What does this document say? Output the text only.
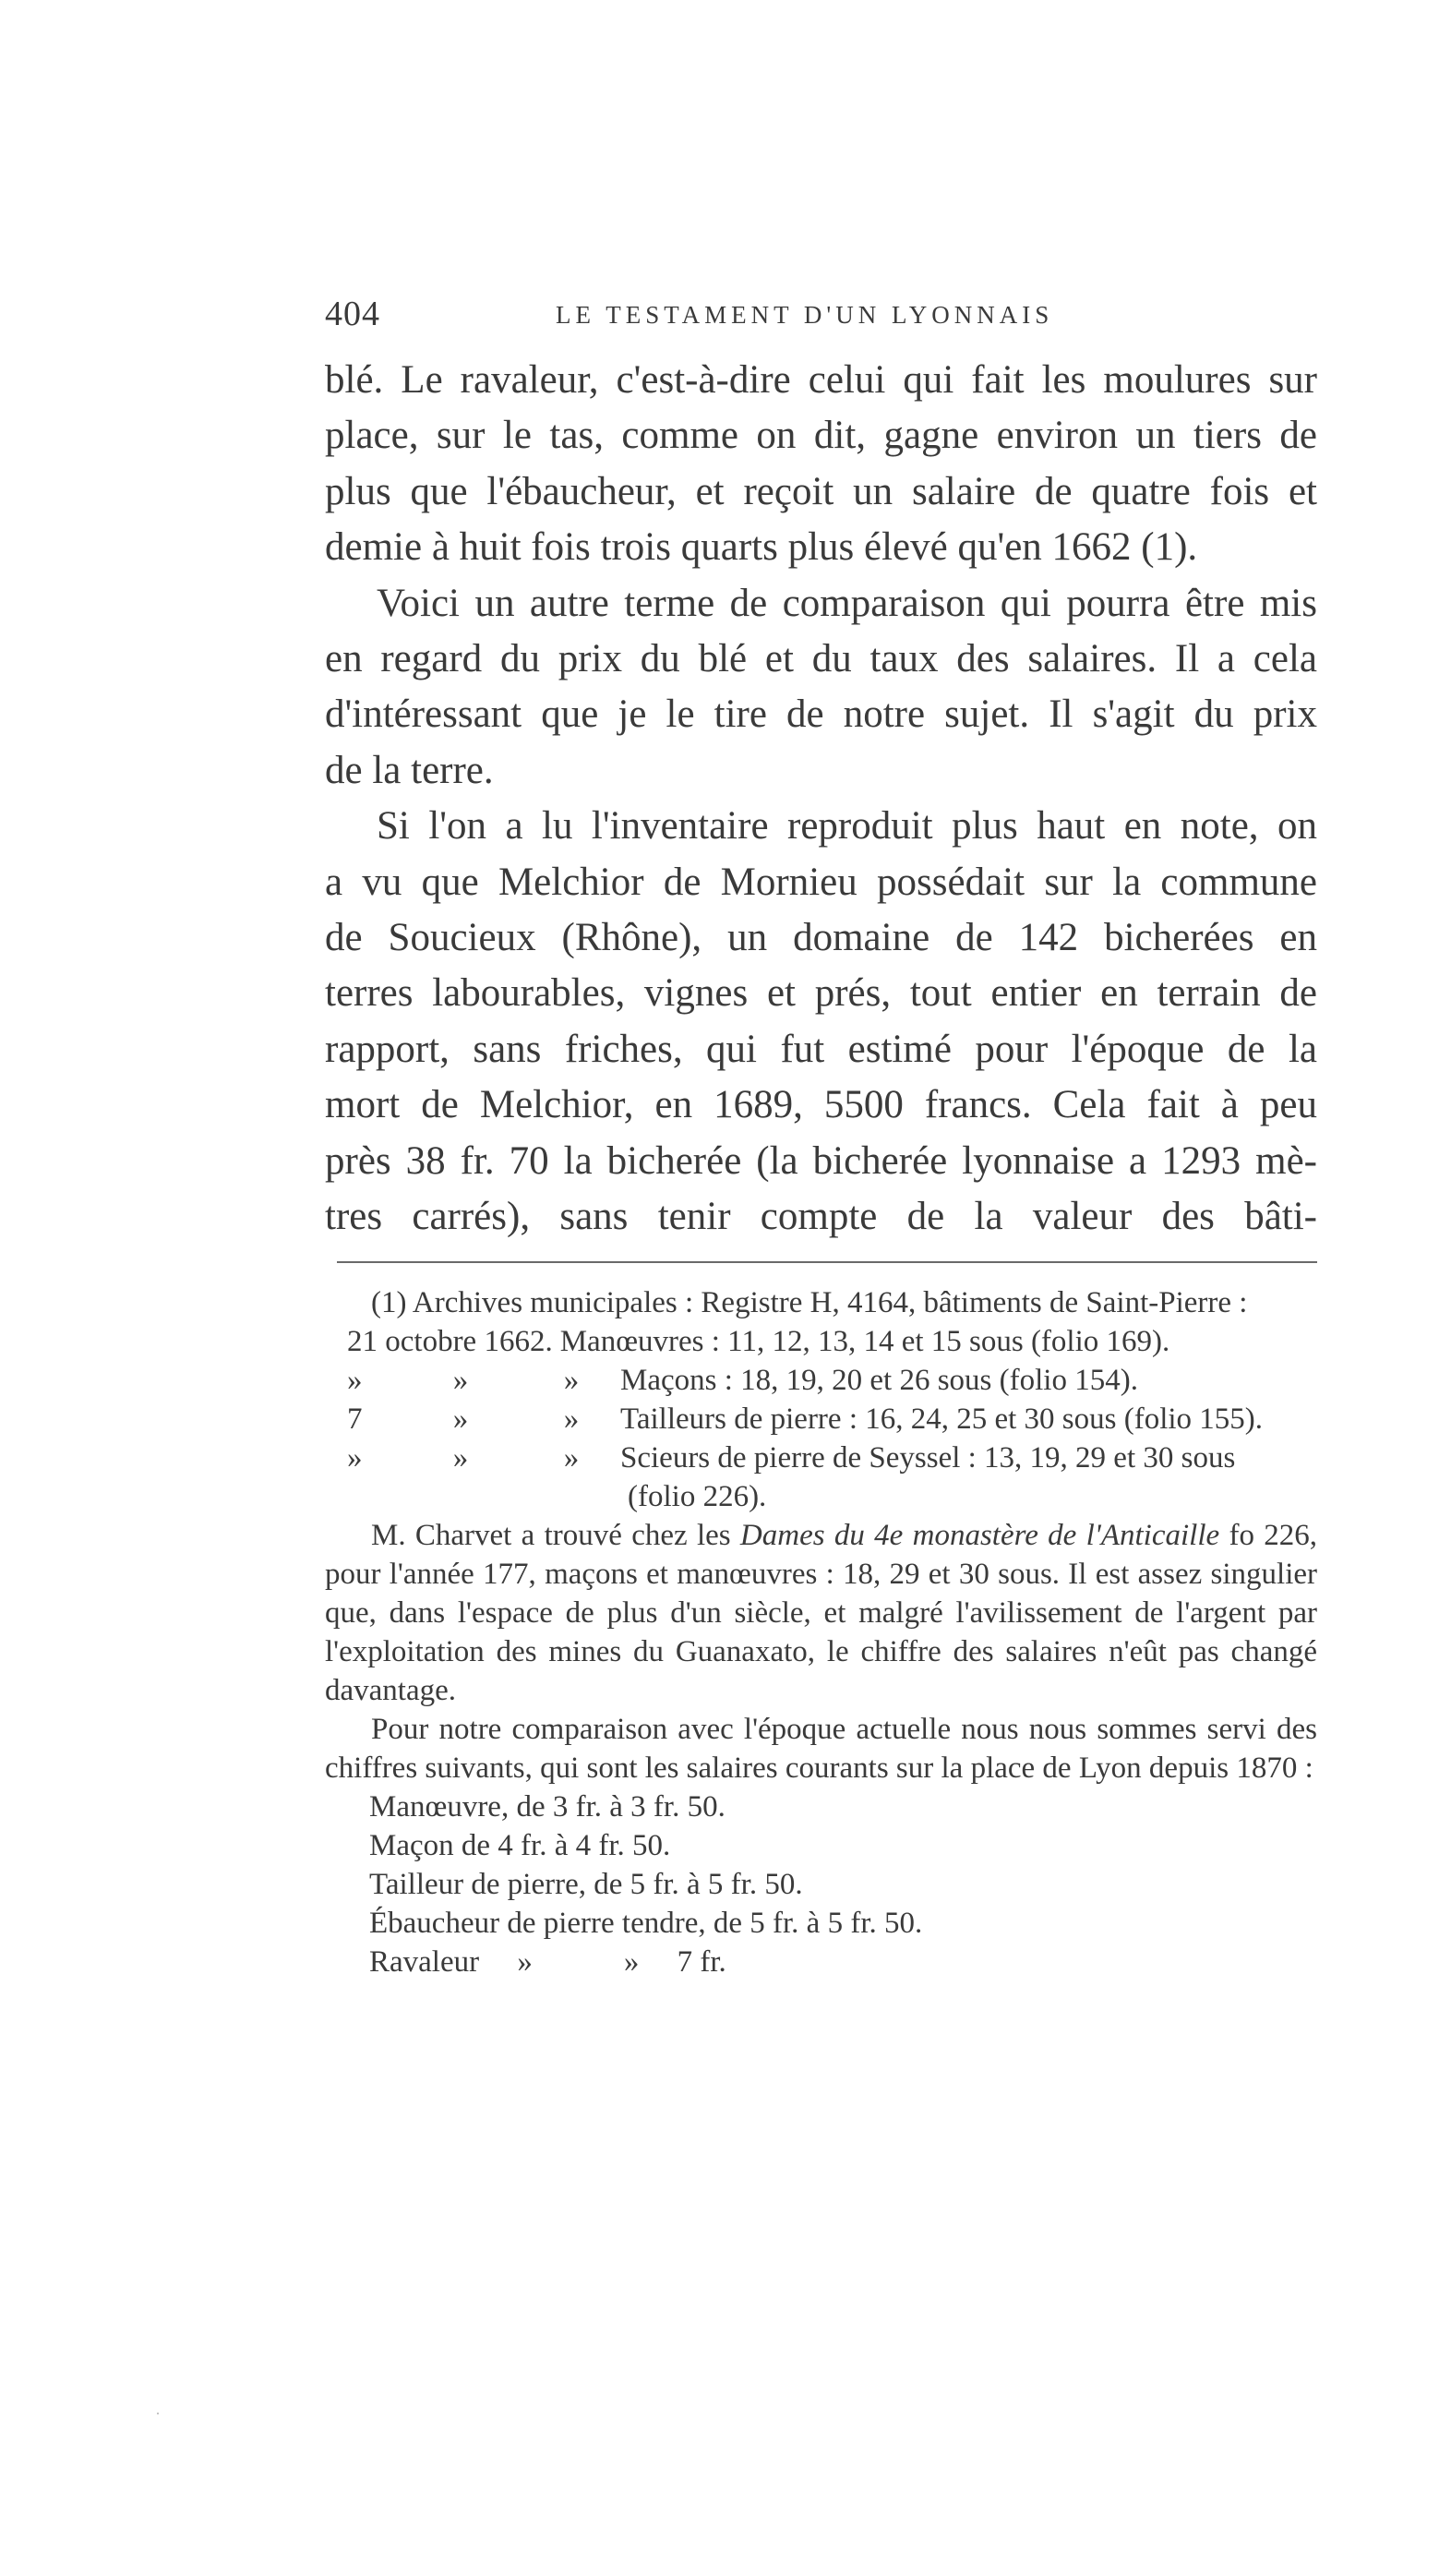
404	LE TESTAMENT D'UN LYONNAIS

blé. Le ravaleur, c'est-à-dire celui qui fait les moulures sur

place, sur le tas, comme on dit, gagne environ un tiers de

plus que l'ébaucheur, et reçoit un salaire de quatre fois et

demie à huit fois trois quarts plus élevé qu'en 1662 (1).

Voici un autre terme de comparaison qui pourra être mis

en regard du prix du blé et du taux des salaires. Il a cela

d'intéressant que je le tire de notre sujet. Il s'agit du prix

de la terre.

Si l'on a lu l'inventaire reproduit plus haut en note, on

a vu que Melchior de Mornieu possédait sur la commune

de Soucieux (Rhône), un domaine de 142 bicherées en

terres labourables, vignes et prés, tout entier en terrain de

rapport, sans friches, qui fut estimé pour l'époque de la

mort de Melchior, en 1689, 5500 francs. Cela fait à peu

près 38 fr. 70 la bicherée (la bicherée lyonnaise a 1293 mè-

tres carrés), sans tenir compte de la valeur des bâti-

(1) Archives municipales : Registre H, 4164, bâtiments de Saint-Pierre :

21 octobre 1662. Manœuvres : 11, 12, 13, 14 et 15 sous (folio 169).
»	»	»	Maçons : 18, 19, 20 et 26 sous (folio 154).
7	»	»	Tailleurs de pierre : 16, 24, 25 et 30 sous (folio 155).
»	»	»	Scieurs de pierre de Seyssel : 13, 19, 29 et 30 sous
(folio 226).

M. Charvet a trouvé chez les Dames du 4e monastère de l'Anticaille fo 226, pour l'année 177, maçons et manœuvres : 18, 29 et 30 sous. Il est assez singulier que, dans l'espace de plus d'un siècle, et malgré l'avilissement de l'argent par l'exploitation des mines du Guanaxato, le chiffre des salaires n'eût pas changé davantage.

Pour notre comparaison avec l'époque actuelle nous nous sommes servi des chiffres suivants, qui sont les salaires courants sur la place de Lyon depuis 1870 :

Manœuvre, de 3 fr. à 3 fr. 50.

Maçon de 4 fr. à 4 fr. 50.

Tailleur de pierre, de 5 fr. à 5 fr. 50.

Ébaucheur de pierre tendre, de 5 fr. à 5 fr. 50.

Ravaleur     »            »     7 fr.

·
